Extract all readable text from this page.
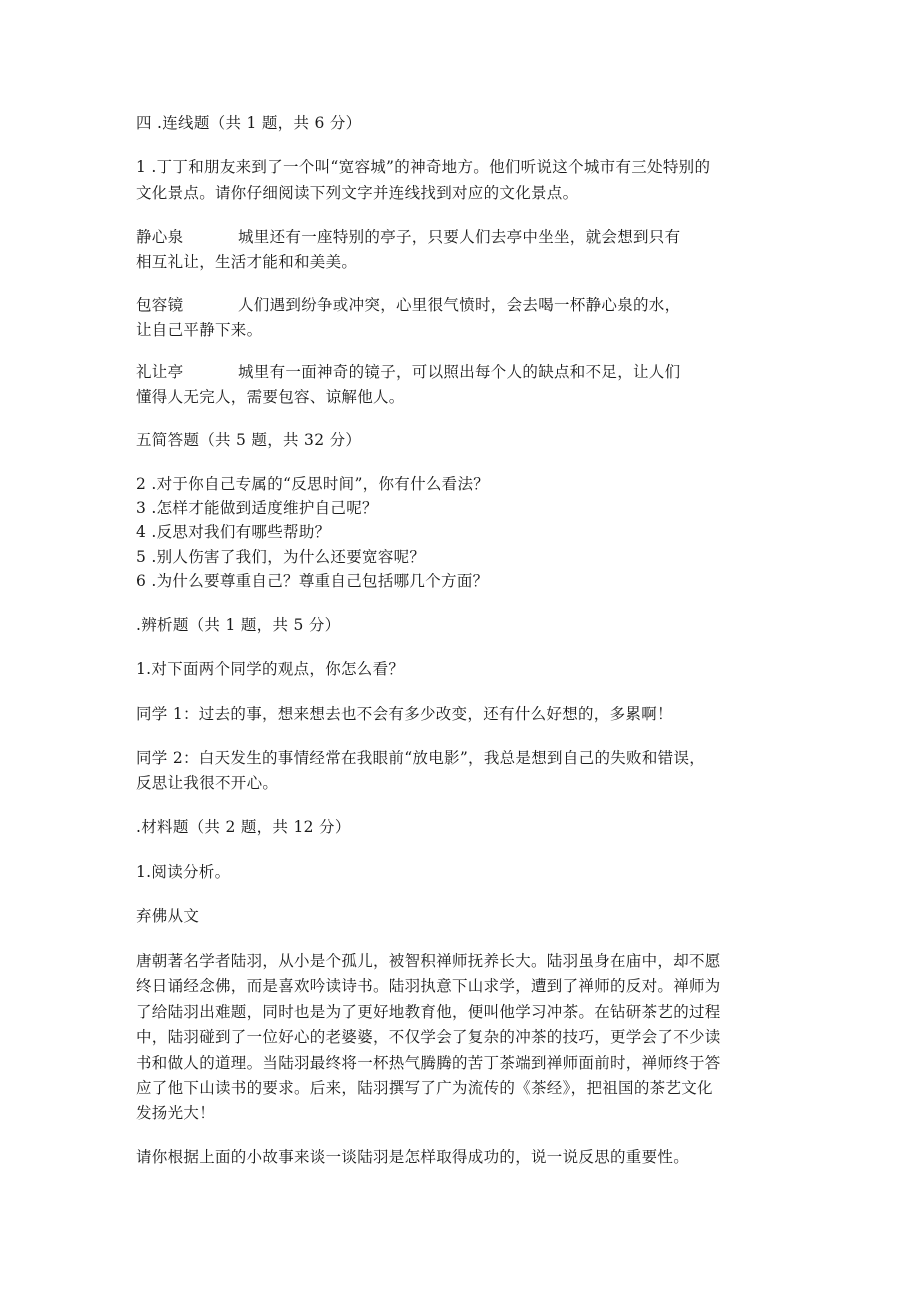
四 .连线题（共 1 题，共 6 分）
1 .丁丁和朋友来到了一个叫“宽容城”的神奇地方。他们听说这个城市有三处特别的
文化景点。请你仔细阅读下列文字并连线找到对应的文化景点。
静心泉	城里还有一座特别的亭子，只要人们去亭中坐坐，就会想到只有
相互礼让，生活才能和和美美。
包容镜	人们遇到纷争或冲突，心里很气愤时，会去喝一杯静心泉的水，
让自己平静下来。
礼让亭	城里有一面神奇的镜子，可以照出每个人的缺点和不足，让人们
懂得人无完人，需要包容、谅解他人。
五简答题（共 5 题，共 32 分）
2 .对于你自己专属的“反思时间”，你有什么看法？
3 .怎样才能做到适度维护自己呢？
4 .反思对我们有哪些帮助？
5 .别人伤害了我们，为什么还要宽容呢？
6 .为什么要尊重自己？尊重自己包括哪几个方面？
.辨析题（共 1 题，共 5 分）
1.对下面两个同学的观点，你怎么看？
同学 1：过去的事，想来想去也不会有多少改变，还有什么好想的，多累啊！
同学 2：白天发生的事情经常在我眼前“放电影”，我总是想到自己的失败和错误，
反思让我很不开心。
.材料题（共 2 题，共 12 分）
1.阅读分析。
弃佛从文
唐朝著名学者陆羽，从小是个孤儿，被智积禅师抚养长大。陆羽虽身在庙中，却不愿
终日诵经念佛，而是喜欢吟读诗书。陆羽执意下山求学，遭到了禅师的反对。禅师为
了给陆羽出难题，同时也是为了更好地教育他，便叫他学习冲茶。在钻研茶艺的过程
中，陆羽碰到了一位好心的老婆婆，不仅学会了复杂的冲茶的技巧，更学会了不少读
书和做人的道理。当陆羽最终将一杯热气腾腾的苦丁茶端到禅师面前时，禅师终于答
应了他下山读书的要求。后来，陆羽撰写了广为流传的《茶经》，把祖国的茶艺文化
发扬光大！
请你根据上面的小故事来谈一谈陆羽是怎样取得成功的，说一说反思的重要性。
